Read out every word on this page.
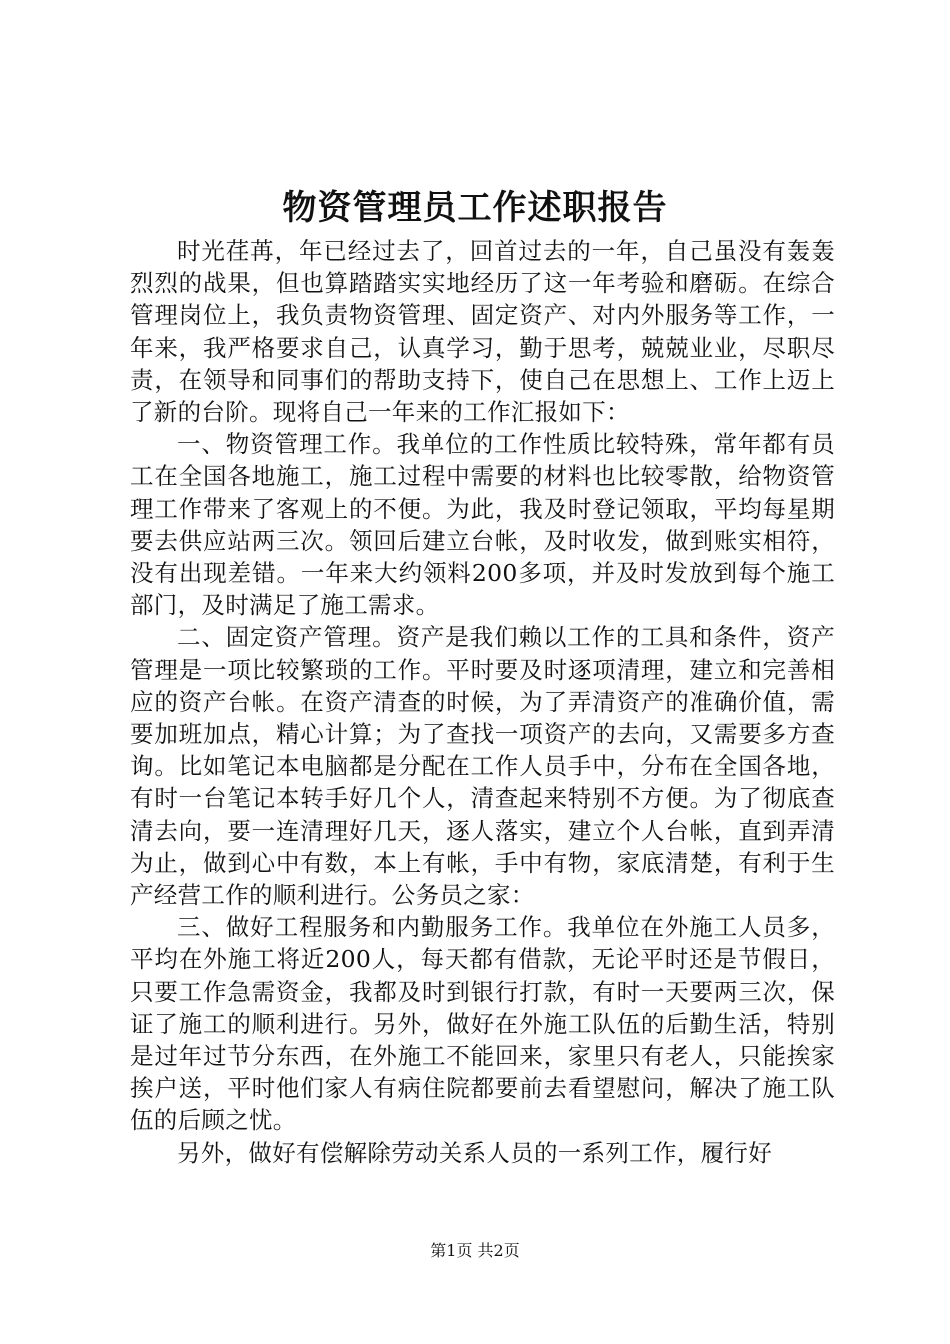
物资管理员工作述职报告

时光荏苒，年已经过去了，回首过去的一年，自己虽没有轰轰烈烈的战果，但也算踏踏实实地经历了这一年考验和磨砺。在综合管理岗位上，我负责物资管理、固定资产、对内外服务等工作，一年来，我严格要求自己，认真学习，勤于思考，兢兢业业，尽职尽责，在领导和同事们的帮助支持下，使自己在思想上、工作上迈上了新的台阶。现将自己一年来的工作汇报如下：

一、物资管理工作。我单位的工作性质比较特殊，常年都有员工在全国各地施工，施工过程中需要的材料也比较零散，给物资管理工作带来了客观上的不便。为此，我及时登记领取，平均每星期要去供应站两三次。领回后建立台帐，及时收发，做到账实相符，没有出现差错。一年来大约领料200多项，并及时发放到每个施工部门，及时满足了施工需求。

二、固定资产管理。资产是我们赖以工作的工具和条件，资产管理是一项比较繁琐的工作。平时要及时逐项清理，建立和完善相应的资产台帐。在资产清查的时候，为了弄清资产的准确价值，需要加班加点，精心计算；为了查找一项资产的去向，又需要多方查询。比如笔记本电脑都是分配在工作人员手中，分布在全国各地，有时一台笔记本转手好几个人，清查起来特别不方便。为了彻底查清去向，要一连清理好几天，逐人落实，建立个人台帐，直到弄清为止，做到心中有数，本上有帐，手中有物，家底清楚，有利于生产经营工作的顺利进行。公务员之家：

三、做好工程服务和内勤服务工作。我单位在外施工人员多，平均在外施工将近200人，每天都有借款，无论平时还是节假日，只要工作急需资金，我都及时到银行打款，有时一天要两三次，保证了施工的顺利进行。另外，做好在外施工队伍的后勤生活，特别是过年过节分东西，在外施工不能回来，家里只有老人，只能挨家挨户送，平时他们家人有病住院都要前去看望慰问，解决了施工队伍的后顾之忧。

另外，做好有偿解除劳动关系人员的一系列工作，履行好

第1页 共2页
